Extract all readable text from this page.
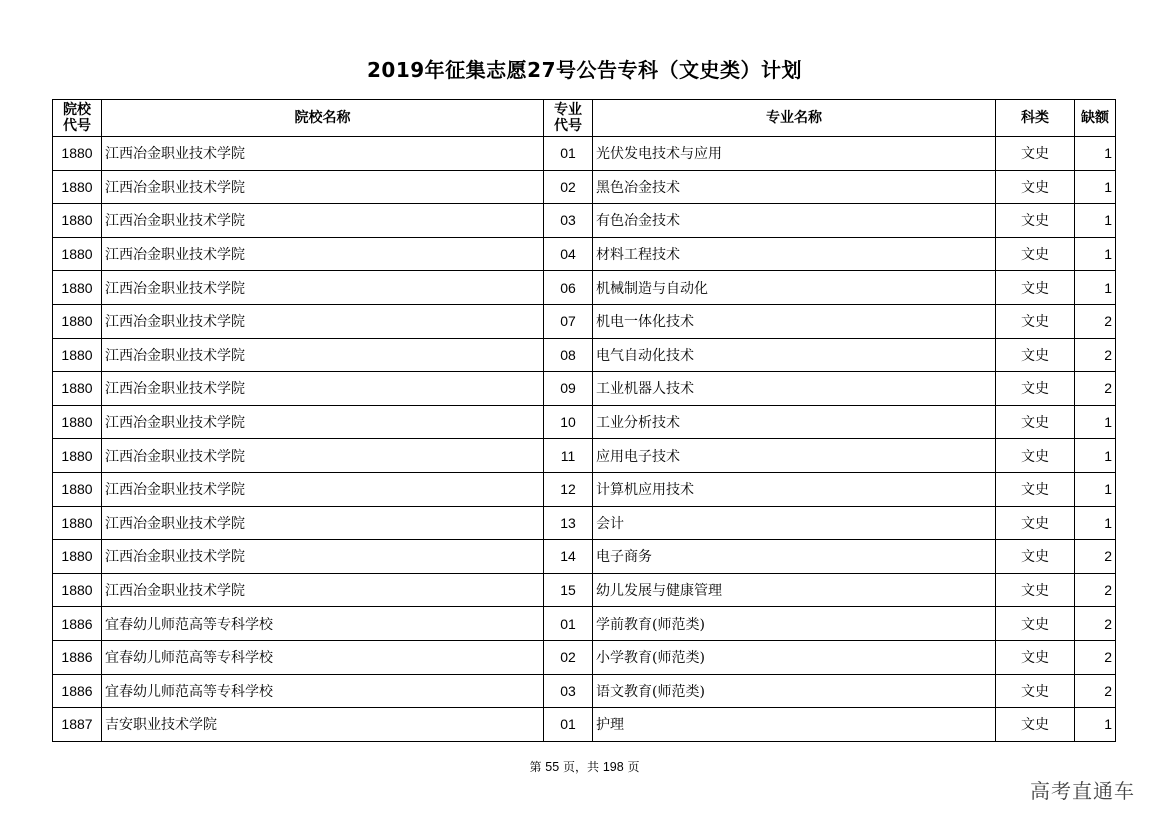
2019年征集志愿27号公告专科（文史类）计划
院校代号	院校名称	专业代号	专业名称	科类	缺额
1880	江西冶金职业技术学院	01	光伏发电技术与应用	文史	1
1880	江西冶金职业技术学院	02	黑色冶金技术	文史	1
1880	江西冶金职业技术学院	03	有色冶金技术	文史	1
1880	江西冶金职业技术学院	04	材料工程技术	文史	1
1880	江西冶金职业技术学院	06	机械制造与自动化	文史	1
1880	江西冶金职业技术学院	07	机电一体化技术	文史	2
1880	江西冶金职业技术学院	08	电气自动化技术	文史	2
1880	江西冶金职业技术学院	09	工业机器人技术	文史	2
1880	江西冶金职业技术学院	10	工业分析技术	文史	1
1880	江西冶金职业技术学院	11	应用电子技术	文史	1
1880	江西冶金职业技术学院	12	计算机应用技术	文史	1
1880	江西冶金职业技术学院	13	会计	文史	1
1880	江西冶金职业技术学院	14	电子商务	文史	2
1880	江西冶金职业技术学院	15	幼儿发展与健康管理	文史	2
1886	宜春幼儿师范高等专科学校	01	学前教育(师范类)	文史	2
1886	宜春幼儿师范高等专科学校	02	小学教育(师范类)	文史	2
1886	宜春幼儿师范高等专科学校	03	语文教育(师范类)	文史	2
1887	吉安职业技术学院	01	护理	文史	1
第 55 页，共 198 页
高考直通车
